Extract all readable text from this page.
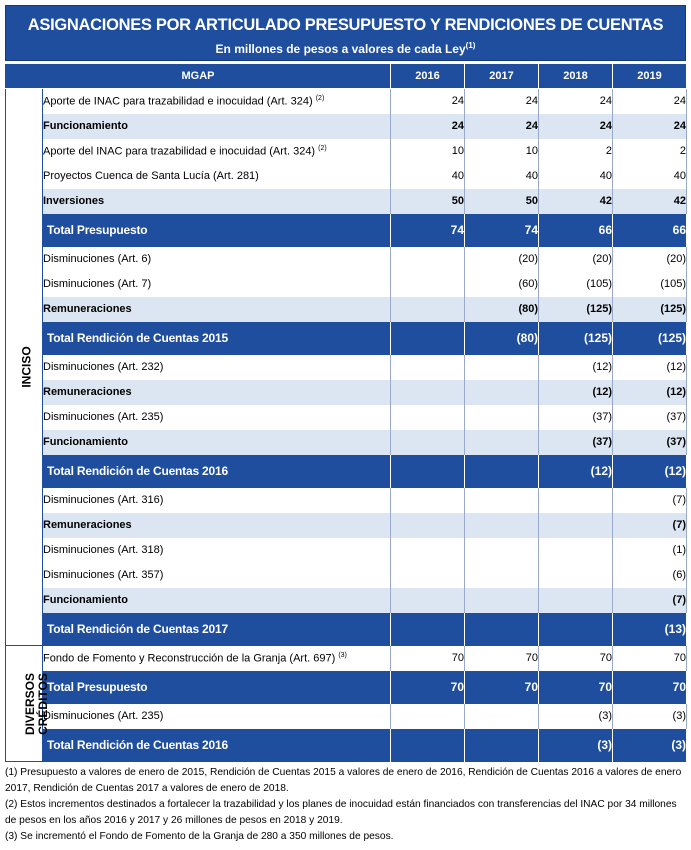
ASIGNACIONES POR ARTICULADO PRESUPUESTO Y RENDICIONES DE CUENTAS
En millones de pesos a valores de cada Ley$^{(1)}$
MGAP		2016	2017	2018	2019
INCISO	Aporte de INAC para trazabilidad e inocuidad (Art. 324) $^{(2)}$	24	24	24	24
	Funcionamiento	24	24	24	24
	Aporte del INAC para trazabilidad e inocuidad (Art. 324) $^{(2)}$	10	10	2	2
	Proyectos Cuenca de Santa Lucía (Art. 281)	40	40	40	40
	Inversiones	50	50	42	42
	Total Presupuesto	74	74	66	66
	Disminuciones (Art. 6)		(20)	(20)	(20)
	Disminuciones (Art. 7)		(60)	(105)	(105)
	Remuneraciones		(80)	(125)	(125)
	Total Rendición de Cuentas 2015		(80)	(125)	(125)
	Disminuciones (Art. 232)			(12)	(12)
	Remuneraciones			(12)	(12)
	Disminuciones (Art. 235)			(37)	(37)
	Funcionamiento			(37)	(37)
	Total Rendición de Cuentas 2016			(12)	(12)
	Disminuciones (Art. 316)				(7)
	Remuneraciones				(7)
	Disminuciones (Art. 318)				(1)
	Disminuciones (Art. 357)				(6)
	Funcionamiento				(7)
	Total Rendición de Cuentas 2017				(13)
DIVERSOS
CRÉDITOS	Fondo de Fomento y Reconstrucción de la Granja (Art. 697) $^{(3)}$	70	70	70	70
	Total Presupuesto	70	70	70	70
	Disminuciones (Art. 235)			(3)	(3)
	Total Rendición de Cuentas 2016			(3)	(3)

(1) Presupuesto a valores de enero de 2015, Rendición de Cuentas 2015 a valores de enero de 2016, Rendición de Cuentas 2016 a valores de enero 2017, Rendición de Cuentas 2017 a valores de enero de 2018.

(2) Estos incrementos destinados a fortalecer la trazabilidad y los planes de inocuidad están financiados con transferencias del INAC por 34 millones de pesos en los años 2016 y 2017 y 26 millones de pesos en 2018 y 2019.

(3) Se incrementó el Fondo de Fomento de la Granja de 280 a 350 millones de pesos.
